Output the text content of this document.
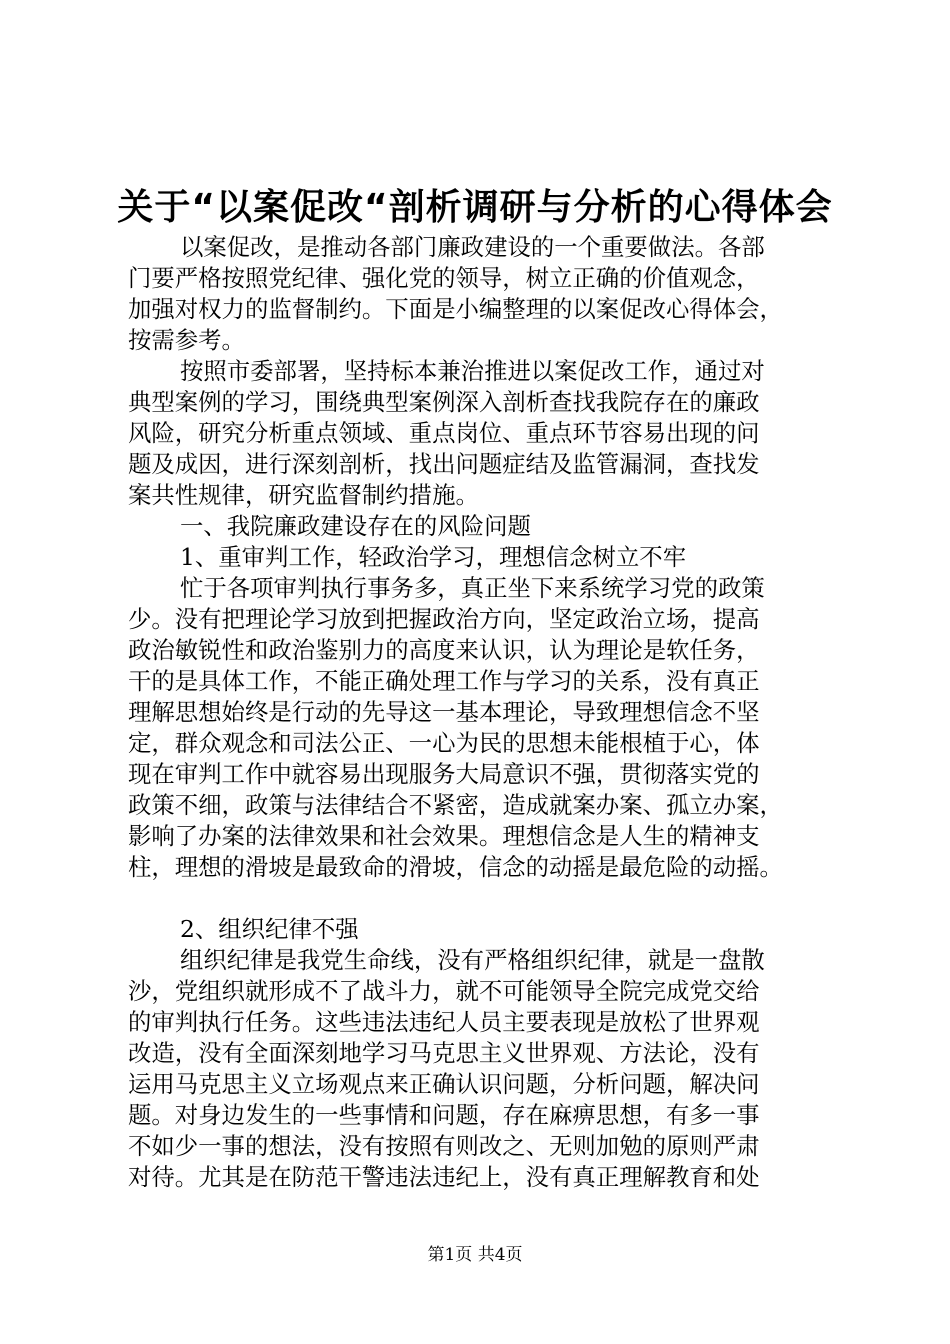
关于“以案促改“剖析调研与分析的心得体会
以案促改，是推动各部门廉政建设的一个重要做法。各部
门要严格按照党纪律、强化党的领导，树立正确的价值观念，
加强对权力的监督制约。下面是小编整理的以案促改心得体会，
按需参考。
按照市委部署，坚持标本兼治推进以案促改工作，通过对
典型案例的学习，围绕典型案例深入剖析查找我院存在的廉政
风险，研究分析重点领域、重点岗位、重点环节容易出现的问
题及成因，进行深刻剖析，找出问题症结及监管漏洞，查找发
案共性规律，研究监督制约措施。
一、我院廉政建设存在的风险问题
1、重审判工作，轻政治学习，理想信念树立不牢
忙于各项审判执行事务多，真正坐下来系统学习党的政策
少。没有把理论学习放到把握政治方向，坚定政治立场，提高
政治敏锐性和政治鉴别力的高度来认识，认为理论是软任务，
干的是具体工作，不能正确处理工作与学习的关系，没有真正
理解思想始终是行动的先导这一基本理论，导致理想信念不坚
定，群众观念和司法公正、一心为民的思想未能根植于心，体
现在审判工作中就容易出现服务大局意识不强，贯彻落实党的
政策不细，政策与法律结合不紧密，造成就案办案、孤立办案，
影响了办案的法律效果和社会效果。理想信念是人生的精神支
柱，理想的滑坡是最致命的滑坡，信念的动摇是最危险的动摇。
2、组织纪律不强
组织纪律是我党生命线，没有严格组织纪律，就是一盘散
沙，党组织就形成不了战斗力，就不可能领导全院完成党交给
的审判执行任务。这些违法违纪人员主要表现是放松了世界观
改造，没有全面深刻地学习马克思主义世界观、方法论，没有
运用马克思主义立场观点来正确认识问题，分析问题，解决问
题。对身边发生的一些事情和问题，存在麻痹思想，有多一事
不如少一事的想法，没有按照有则改之、无则加勉的原则严肃
对待。尤其是在防范干警违法违纪上，没有真正理解教育和处
第1页 共4页
